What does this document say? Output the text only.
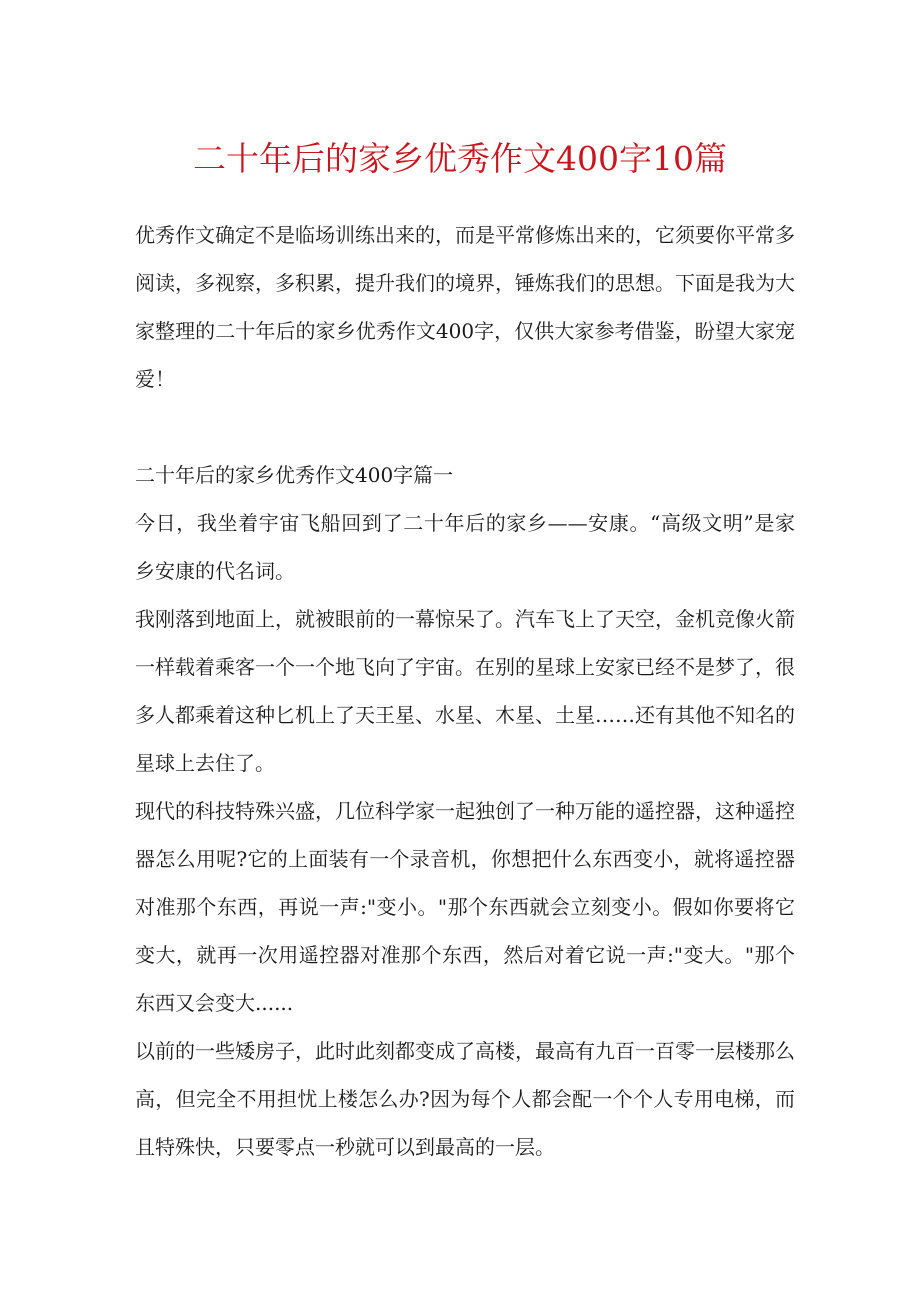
二十年后的家乡优秀作文400字10篇

优秀作文确定不是临场训练出来的，而是平常修炼出来的，它须要你平常多阅读，多视察，多积累，提升我们的境界，锤炼我们的思想。下面是我为大家整理的二十年后的家乡优秀作文400字，仅供大家参考借鉴，盼望大家宠爱！

二十年后的家乡优秀作文400字篇一

今日，我坐着宇宙飞船回到了二十年后的家乡——安康。“高级文明”是家乡安康的代名词。

我刚落到地面上，就被眼前的一幕惊呆了。汽车飞上了天空，金机竞像火箭一样载着乘客一个一个地飞向了宇宙。在别的星球上安家已经不是梦了，很多人都乘着这种匕机上了天王星、水星、木星、土星……还有其他不知名的星球上去住了。

现代的科技特殊兴盛，几位科学家一起独创了一种万能的遥控器，这种遥控器怎么用呢?它的上面装有一个录音机，你想把什么东西变小，就将遥控器对准那个东西，再说一声:"变小。"那个东西就会立刻变小。假如你要将它变大，就再一次用遥控器对准那个东西，然后对着它说一声:"变大。"那个东西又会变大......

以前的一些矮房子，此时此刻都变成了高楼，最高有九百一百零一层楼那么高，但完全不用担忧上楼怎么办?因为每个人都会配一个个人专用电梯，而且特殊快，只要零点一秒就可以到最高的一层。
